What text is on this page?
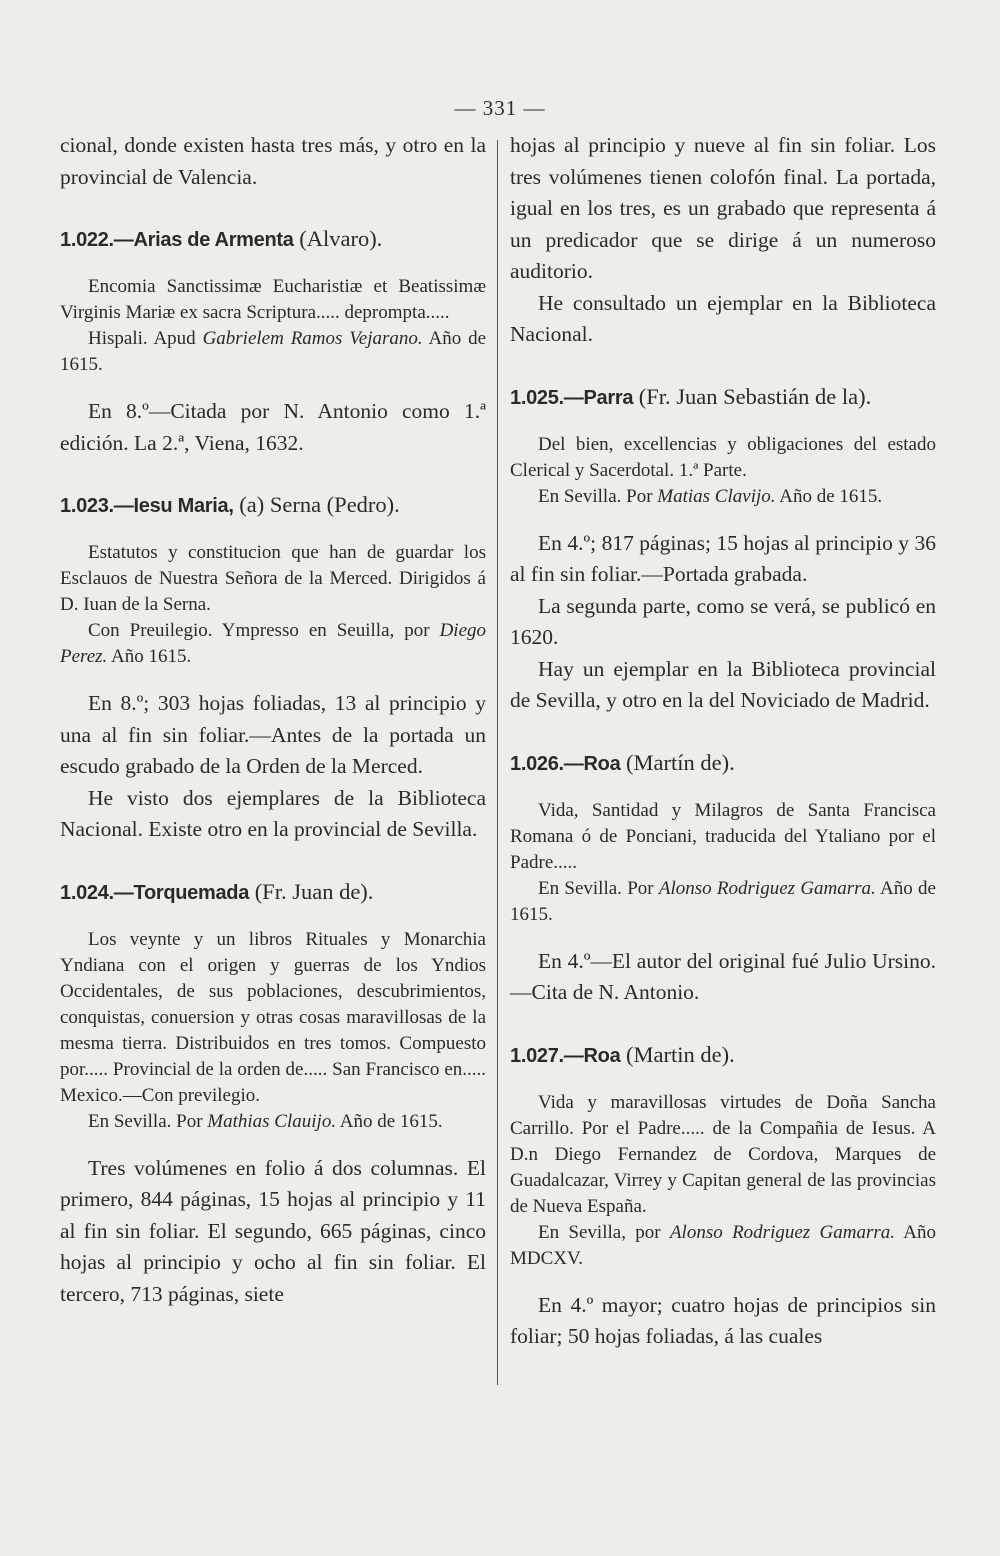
— 331 —

cional, donde existen hasta tres más, y otro en la provincial de Valencia.

1.022.—Arias de Armenta (Alvaro).

Encomia Sanctissimæ Eucharistiæ et Beatissimæ Virginis Mariæ ex sacra Scriptura..... deprompta.....

Hispali. Apud Gabrielem Ramos Vejarano. Año de 1615.

En 8.º—Citada por N. Antonio como 1.ª edición. La 2.ª, Viena, 1632.

1.023.—Iesu Maria, (a) Serna (Pedro).

Estatutos y constitucion que han de guardar los Esclauos de Nuestra Señora de la Merced. Dirigidos á D. Iuan de la Serna.

Con Preuilegio. Ympresso en Seuilla, por Diego Perez. Año 1615.

En 8.º; 303 hojas foliadas, 13 al principio y una al fin sin foliar.—Antes de la portada un escudo grabado de la Orden de la Merced.

He visto dos ejemplares de la Biblioteca Nacional. Existe otro en la provincial de Sevilla.

1.024.—Torquemada (Fr. Juan de).

Los veynte y un libros Rituales y Monarchia Yndiana con el origen y guerras de los Yndios Occidentales, de sus poblaciones, descubrimientos, conquistas, conuersion y otras cosas maravillosas de la mesma tierra. Distribuidos en tres tomos. Compuesto por..... Provincial de la orden de..... San Francisco en..... Mexico.—Con previlegio.

En Sevilla. Por Mathias Clauijo. Año de 1615.

Tres volúmenes en folio á dos columnas. El primero, 844 páginas, 15 hojas al principio y 11 al fin sin foliar. El segundo, 665 páginas, cinco hojas al principio y ocho al fin sin foliar. El tercero, 713 páginas, siete

hojas al principio y nueve al fin sin foliar. Los tres volúmenes tienen colofón final. La portada, igual en los tres, es un grabado que representa á un predicador que se dirige á un numeroso auditorio.

He consultado un ejemplar en la Biblioteca Nacional.

1.025.—Parra (Fr. Juan Sebastián de la).

Del bien, excellencias y obligaciones del estado Clerical y Sacerdotal. 1.ª Parte.

En Sevilla. Por Matias Clavijo. Año de 1615.

En 4.º; 817 páginas; 15 hojas al principio y 36 al fin sin foliar.—Portada grabada.

La segunda parte, como se verá, se publicó en 1620.

Hay un ejemplar en la Biblioteca provincial de Sevilla, y otro en la del Noviciado de Madrid.

1.026.—Roa (Martín de).

Vida, Santidad y Milagros de Santa Francisca Romana ó de Ponciani, traducida del Ytaliano por el Padre.....

En Sevilla. Por Alonso Rodriguez Gamarra. Año de 1615.

En 4.º—El autor del original fué Julio Ursino.—Cita de N. Antonio.

1.027.—Roa (Martin de).

Vida y maravillosas virtudes de Doña Sancha Carrillo. Por el Padre..... de la Compañia de Iesus. A D.n Diego Fernandez de Cordova, Marques de Guadalcazar, Virrey y Capitan general de las provincias de Nueva España.

En Sevilla, por Alonso Rodriguez Gamarra. Año MDCXV.

En 4.º mayor; cuatro hojas de principios sin foliar; 50 hojas foliadas, á las cuales
